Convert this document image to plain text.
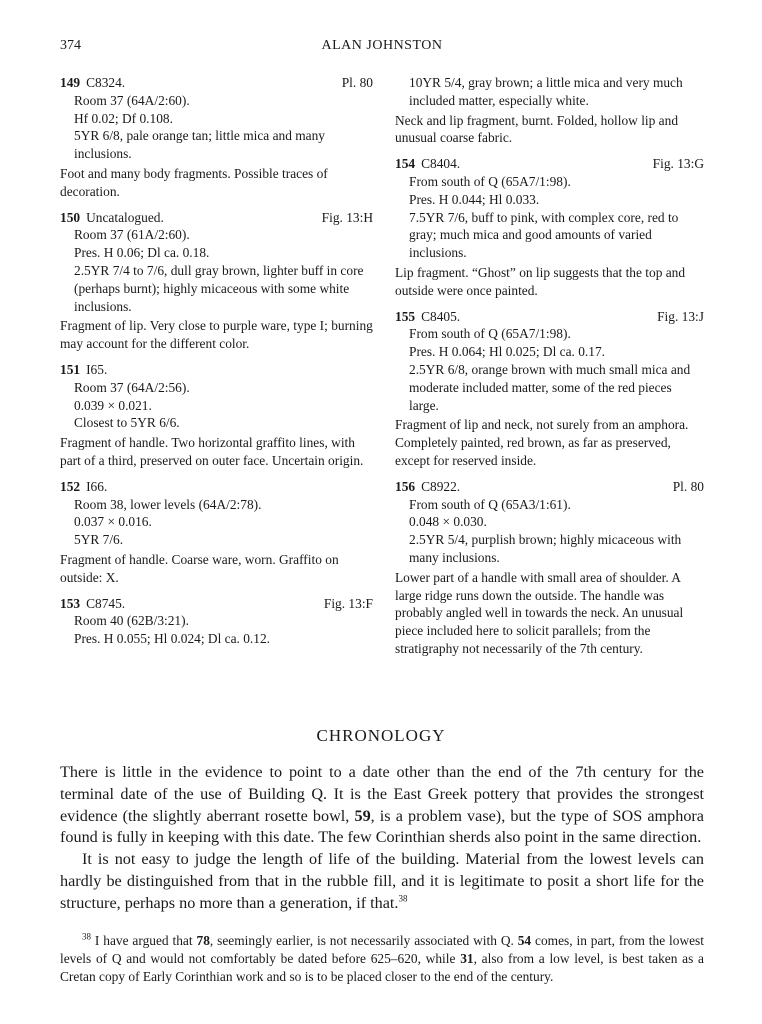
374	ALAN JOHNSTON
149 C8324.	Pl. 80
Room 37 (64A/2:60).
Hf 0.02; Df 0.108.
5YR 6/8, pale orange tan; little mica and many inclusions.
Foot and many body fragments. Possible traces of decoration.
150 Uncatalogued.	Fig. 13:H
Room 37 (61A/2:60).
Pres. H 0.06; Dl ca. 0.18.
2.5YR 7/4 to 7/6, dull gray brown, lighter buff in core (perhaps burnt); highly micaceous with some white inclusions.
Fragment of lip. Very close to purple ware, type I; burning may account for the different color.
151 I65.
Room 37 (64A/2:56).
0.039 × 0.021.
Closest to 5YR 6/6.
Fragment of handle. Two horizontal graffito lines, with part of a third, preserved on outer face. Uncertain origin.
152 I66.
Room 38, lower levels (64A/2:78).
0.037 × 0.016.
5YR 7/6.
Fragment of handle. Coarse ware, worn. Graffito on outside: X.
153 C8745.	Fig. 13:F
Room 40 (62B/3:21).
Pres. H 0.055; Hl 0.024; Dl ca. 0.12.
10YR 5/4, gray brown; a little mica and very much included matter, especially white.
Neck and lip fragment, burnt. Folded, hollow lip and unusual coarse fabric.
154 C8404.	Fig. 13:G
From south of Q (65A7/1:98).
Pres. H 0.044; Hl 0.033.
7.5YR 7/6, buff to pink, with complex core, red to gray; much mica and good amounts of varied inclusions.
Lip fragment. “Ghost” on lip suggests that the top and outside were once painted.
155 C8405.	Fig. 13:J
From south of Q (65A7/1:98).
Pres. H 0.064; Hl 0.025; Dl ca. 0.17.
2.5YR 6/8, orange brown with much small mica and moderate included matter, some of the red pieces large.
Fragment of lip and neck, not surely from an amphora. Completely painted, red brown, as far as preserved, except for reserved inside.
156 C8922.	Pl. 80
From south of Q (65A3/1:61).
0.048 × 0.030.
2.5YR 5/4, purplish brown; highly micaceous with many inclusions.
Lower part of a handle with small area of shoulder. A large ridge runs down the outside. The handle was probably angled well in towards the neck. An unusual piece included here to solicit parallels; from the stratigraphy not necessarily of the 7th century.
CHRONOLOGY

There is little in the evidence to point to a date other than the end of the 7th century for the terminal date of the use of Building Q. It is the East Greek pottery that provides the strongest evidence (the slightly aberrant rosette bowl, 59, is a problem vase), but the type of SOS amphora found is fully in keeping with this date. The few Corinthian sherds also point in the same direction.

It is not easy to judge the length of life of the building. Material from the lowest levels can hardly be distinguished from that in the rubble fill, and it is legitimate to posit a short life for the structure, perhaps no more than a generation, if that.$^{38}$

$^{38}$ I have argued that 78, seemingly earlier, is not necessarily associated with Q. 54 comes, in part, from the lowest levels of Q and would not comfortably be dated before 625–620, while 31, also from a low level, is best taken as a Cretan copy of Early Corinthian work and so is to be placed closer to the end of the century.
